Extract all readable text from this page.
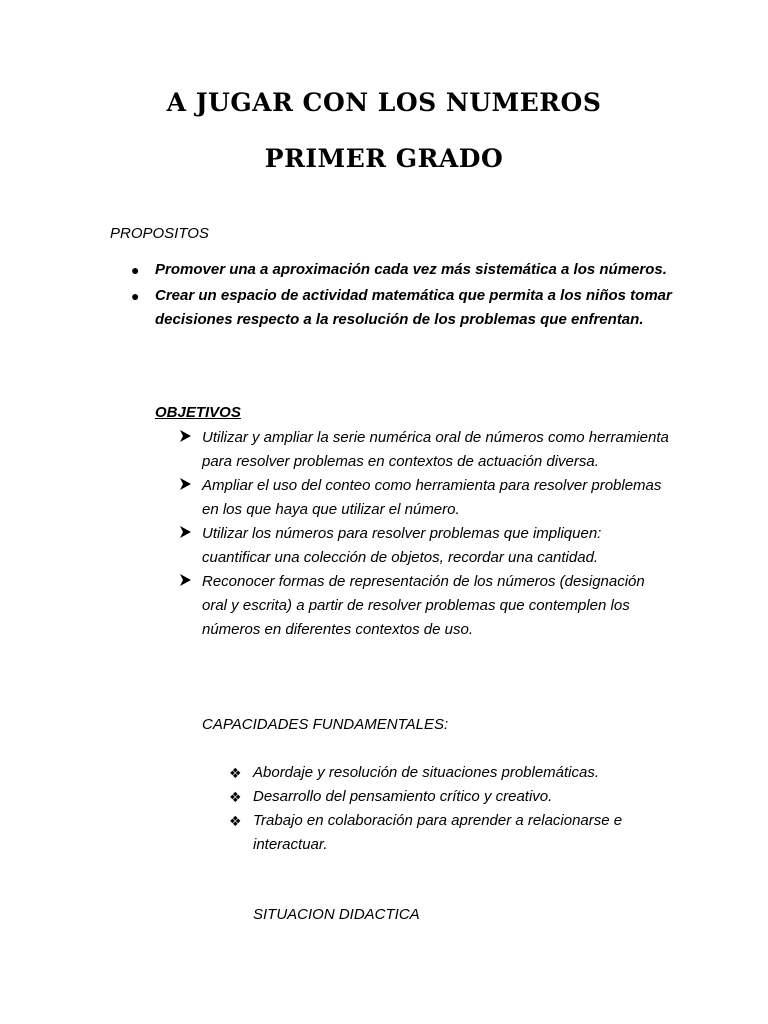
A JUGAR CON LOS NUMEROS
PRIMER GRADO

PROPOSITOS

● Promover una a aproximación cada vez más sistemática a los números.
● Crear un espacio de actividad matemática que permita a los niños tomar decisiones respecto a la resolución de los problemas que enfrentan.

OBJETIVOS

Utilizar y ampliar la serie numérica oral de números como herramienta para resolver problemas en contextos de actuación diversa.
Ampliar el uso del conteo como herramienta para resolver problemas en los que haya que utilizar el número.
Utilizar los números para resolver problemas que impliquen: cuantificar una colección de objetos, recordar una cantidad.
Reconocer formas de representación de los números (designación oral y escrita) a partir de resolver problemas que contemplen los números en diferentes contextos de uso.

CAPACIDADES FUNDAMENTALES:

❖ Abordaje y resolución de situaciones problemáticas.
❖ Desarrollo del pensamiento crítico y creativo.
❖ Trabajo en colaboración para aprender a relacionarse e interactuar.

SITUACION DIDACTICA
